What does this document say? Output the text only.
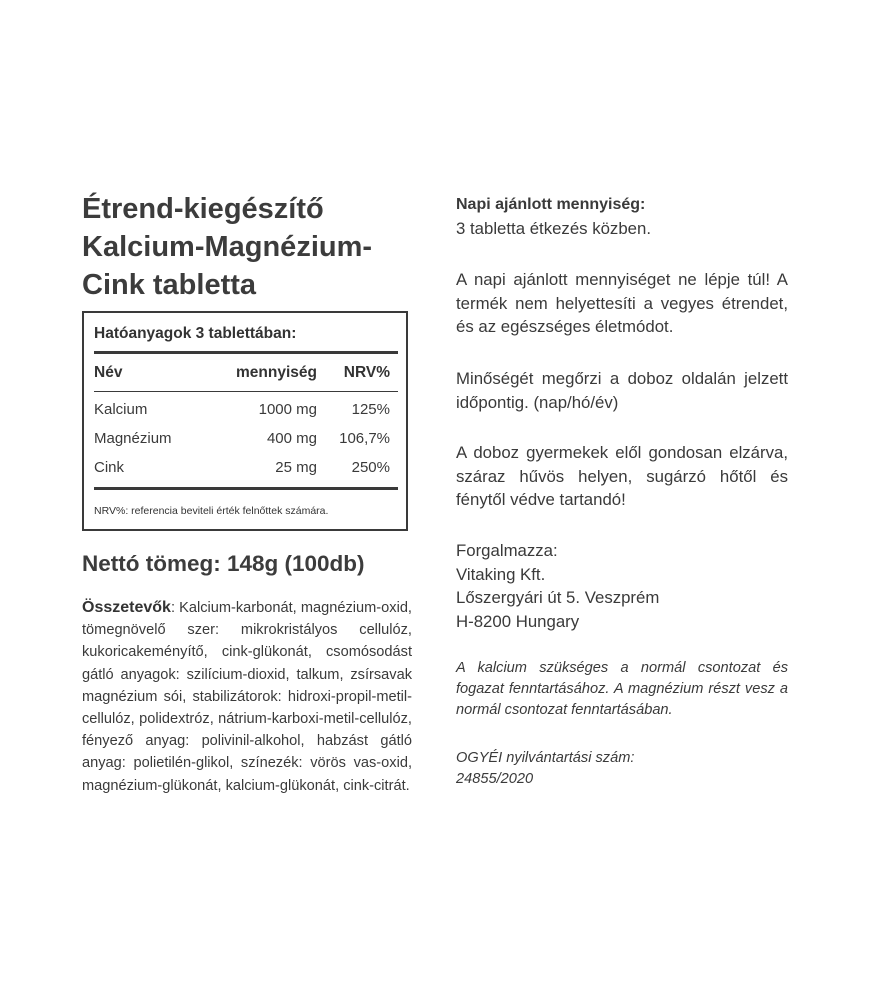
Étrend-kiegészítő
Kalcium-Magnézium-
Cink tabletta
Hatóanyagok 3 tablettában:
Név	mennyiség NRV%
Kalcium	1000 mg 125%
Magnézium	400 mg 106,7%
Cink	25 mg 250%
NRV%: referencia beviteli érték felnőttek számára.
Nettó tömeg: 148g (100db)

Összetevők: Kalcium-karbonát, magnézium-oxid, tömegnövelő szer: mikrokristályos cellulóz, kukoricakeményítő, cink-glükonát, csomósodást gátló anyagok: szilícium-dioxid, talkum, zsírsavak magnézium sói, stabilizátorok: hidroxi-propil-metil-cellulóz, polidextróz, nátrium-karboxi-metil-cellulóz, fényező anyag: polivinil-alkohol, habzást gátló anyag: polietilén-glikol, színezék: vörös vas-oxid, magnézium-glükonát, kalcium-glükonát, cink-citrát.

Napi ajánlott mennyiség:

3 tabletta étkezés közben.

A napi ajánlott mennyiséget ne lépje túl! A termék nem helyettesíti a vegyes étrendet, és az egészséges életmódot.

Minőségét megőrzi a doboz oldalán jelzett időpontig. (nap/hó/év)

A doboz gyermekek elől gondosan elzárva, száraz hűvös helyen, sugárzó hőtől és fénytől védve tartandó!

Forgalmazza:

Vitaking Kft.

Lőszergyári út 5. Veszprém

H-8200 Hungary

A kalcium szükséges a normál csontozat és fogazat fenntartásához. A magnézium részt vesz a normál csontozat fenntartásában.

OGYÉI nyilvántartási szám:

24855/2020
